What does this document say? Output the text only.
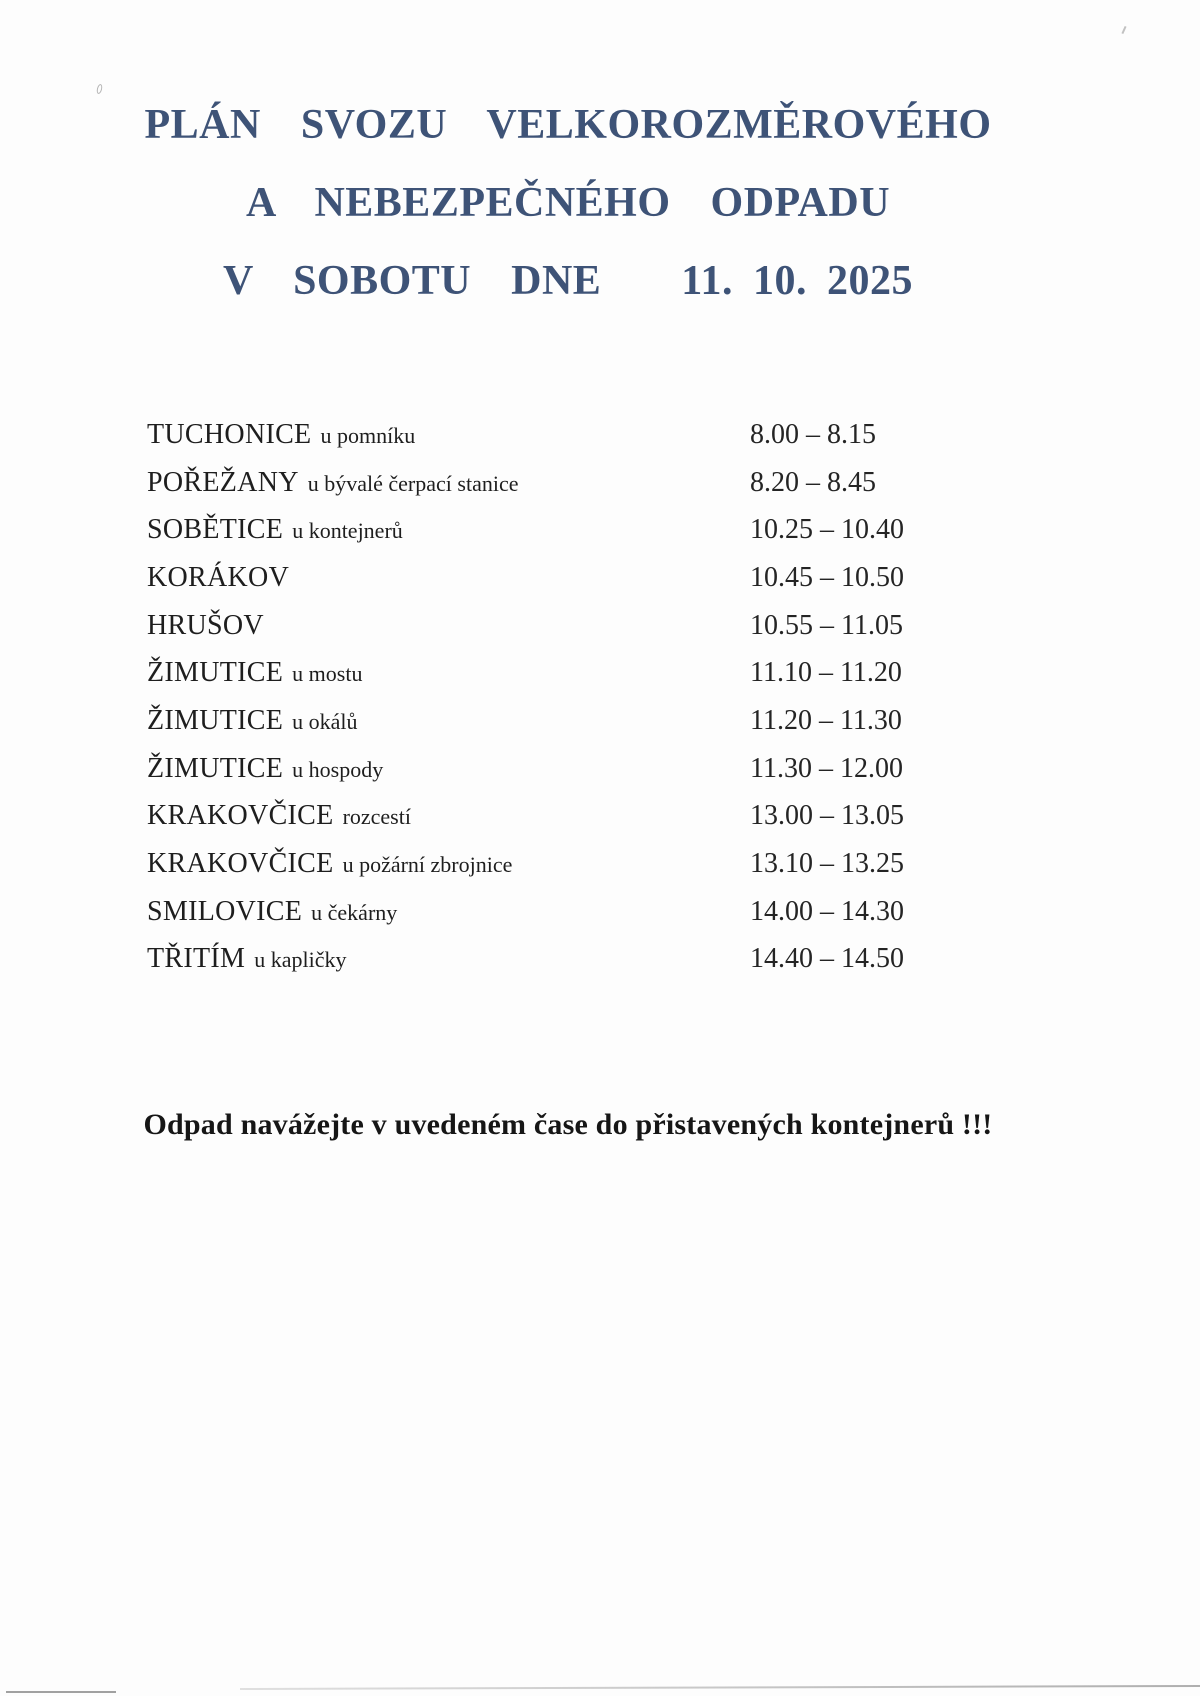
PLÁN  SVOZU  VELKOROZMĚROVÉHO
A  NEBEZPEČNÉHO  ODPADU
V  SOBOTU  DNE    11. 10. 2025
TUCHONICE u pomníku	8.00 – 8.15
POŘEŽANY u bývalé čerpací stanice	8.20 – 8.45
SOBĚTICE u kontejnerů	10.25 – 10.40
KORÁKOV	10.45 – 10.50
HRUŠOV	10.55 – 11.05
ŽIMUTICE u mostu	11.10 – 11.20
ŽIMUTICE u okálů	11.20 – 11.30
ŽIMUTICE u hospody	11.30 – 12.00
KRAKOVČICE rozcestí	13.00 – 13.05
KRAKOVČICE u požární zbrojnice	13.10 – 13.25
SMILOVICE u čekárny	14.00 – 14.30
TŘITÍM u kapličky	14.40 – 14.50
Odpad navážejte v uvedeném čase do přistavených kontejnerů !!!
